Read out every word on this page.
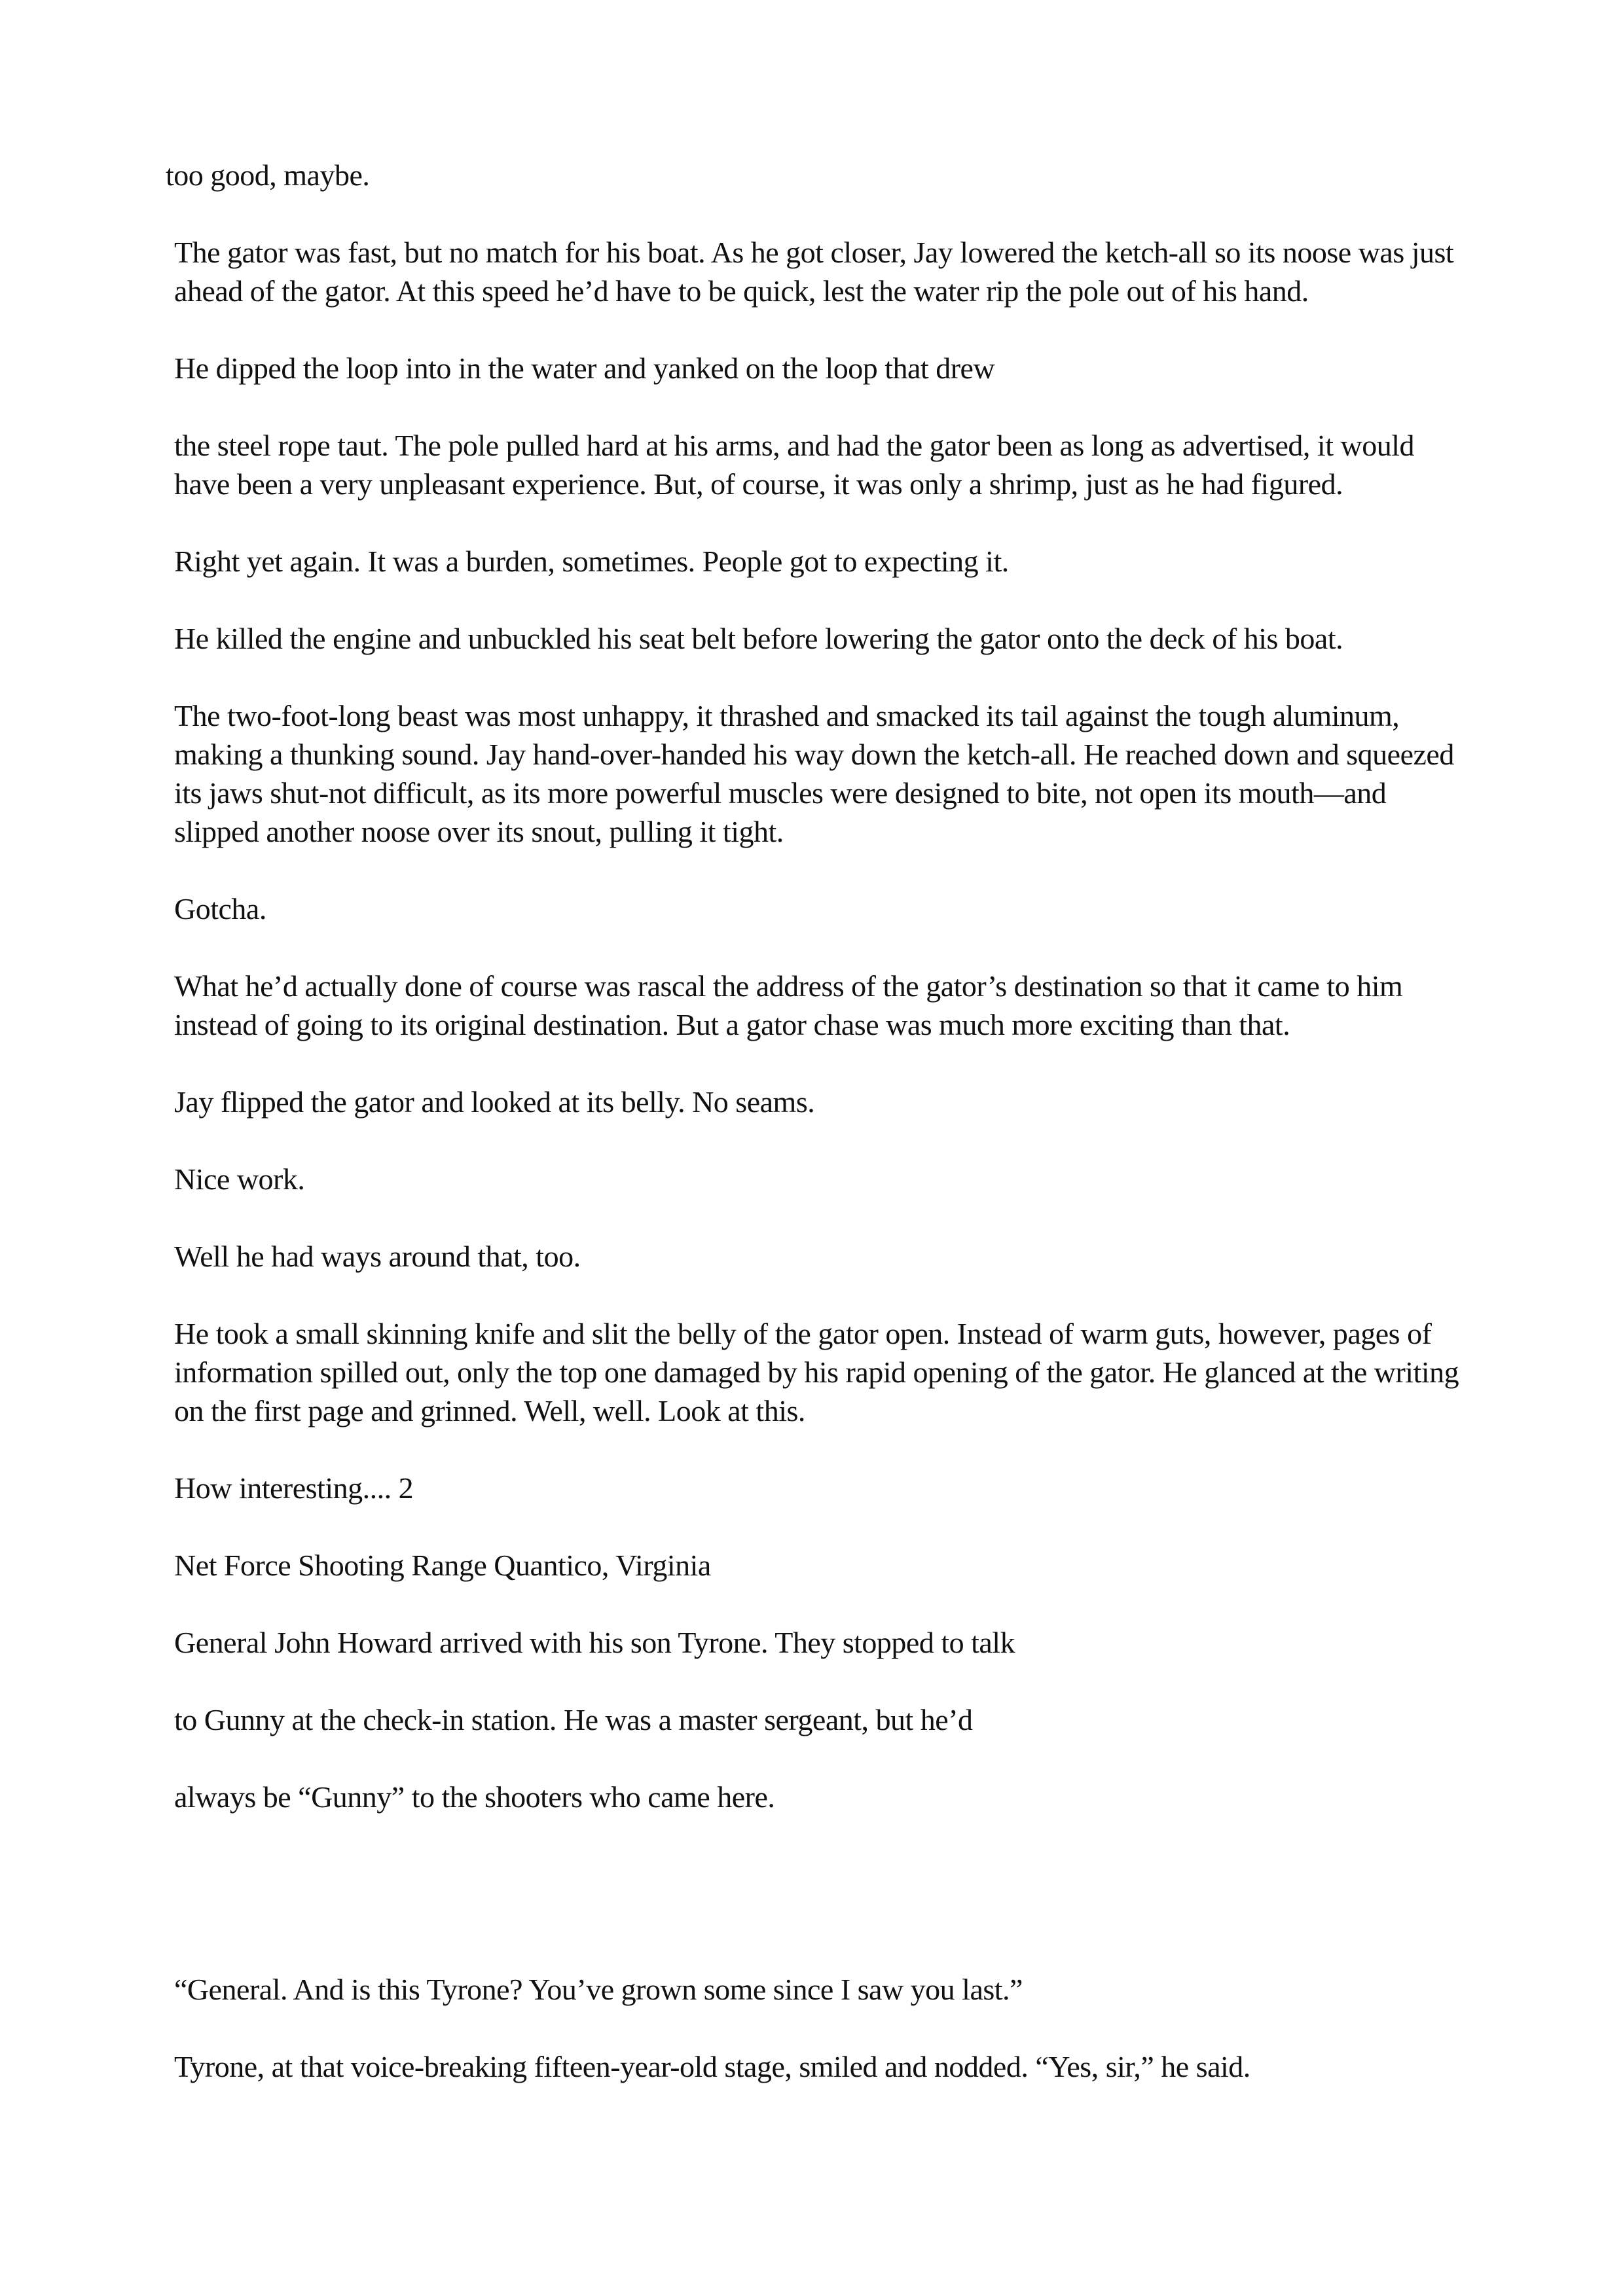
too good, maybe.

The gator was fast, but no match for his boat. As he got closer, Jay lowered the ketch-all so its noose was just ahead of the gator. At this speed he’d have to be quick, lest the water rip the pole out of his hand.

He dipped the loop into in the water and yanked on the loop that drew

the steel rope taut. The pole pulled hard at his arms, and had the gator been as long as advertised, it would have been a very unpleasant experience. But, of course, it was only a shrimp, just as he had figured.

Right yet again. It was a burden, sometimes. People got to expecting it.

He killed the engine and unbuckled his seat belt before lowering the gator onto the deck of his boat.

The two-foot-long beast was most unhappy, it thrashed and smacked its tail against the tough aluminum, making a thunking sound. Jay hand-over-handed his way down the ketch-all. He reached down and squeezed its jaws shut-not difficult, as its more powerful muscles were designed to bite, not open its mouth—and slipped another noose over its snout, pulling it tight.

Gotcha.

What he’d actually done of course was rascal the address of the gator’s destination so that it came to him instead of going to its original destination. But a gator chase was much more exciting than that.

Jay flipped the gator and looked at its belly. No seams.

Nice work.

Well he had ways around that, too.

He took a small skinning knife and slit the belly of the gator open. Instead of warm guts, however, pages of information spilled out, only the top one damaged by his rapid opening of the gator. He glanced at the writing on the first page and grinned. Well, well. Look at this.

How interesting.... 2

Net Force Shooting Range Quantico, Virginia

General John Howard arrived with his son Tyrone. They stopped to talk

to Gunny at the check-in station. He was a master sergeant, but he’d

always be “Gunny” to the shooters who came here.

“General. And is this Tyrone? You’ve grown some since I saw you last.”

Tyrone, at that voice-breaking fifteen-year-old stage, smiled and nodded. “Yes, sir,” he said.
